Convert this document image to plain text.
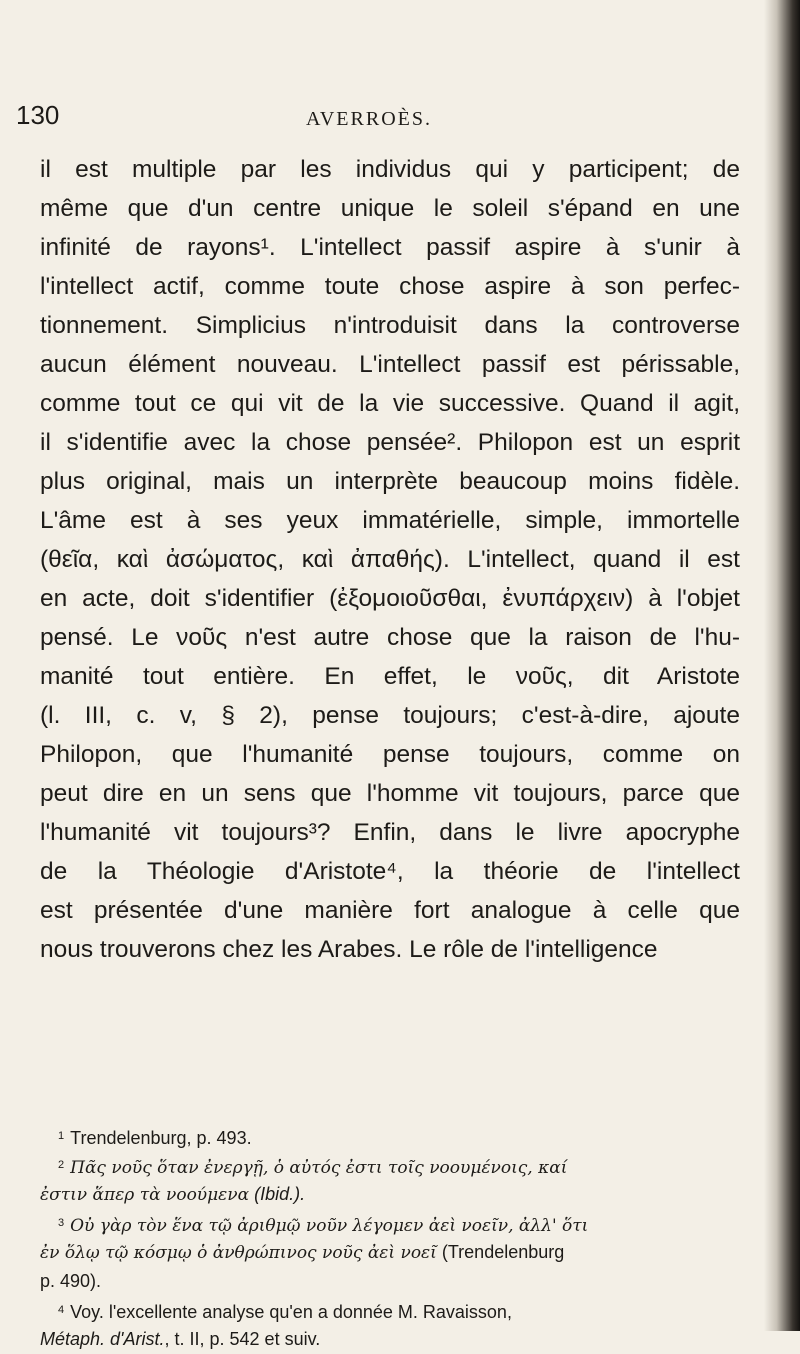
130	AVERROÈS.
il est multiple par les individus qui y participent; de
même que d'un centre unique le soleil s'épand en une
infinité de rayons¹. L'intellect passif aspire à s'unir à
l'intellect actif, comme toute chose aspire à son perfec-
tionnement. Simplicius n'introduisit dans la controverse
aucun élément nouveau. L'intellect passif est périssable,
comme tout ce qui vit de la vie successive. Quand il agit,
il s'identifie avec la chose pensée². Philopon est un esprit
plus original, mais un interprète beaucoup moins fidèle.
L'âme est à ses yeux immatérielle, simple, immortelle
(θεῖα, καὶ ἀσώματος, καὶ ἀπαθής). L'intellect, quand il est
en acte, doit s'identifier (ἐξομοιοῦσθαι, ἐνυπάρχειν) à l'objet
pensé. Le νοῦς n'est autre chose que la raison de l'hu-
manité tout entière. En effet, le νοῦς, dit Aristote
(l. III, c. v, § 2), pense toujours; c'est-à-dire, ajoute
Philopon, que l'humanité pense toujours, comme on
peut dire en un sens que l'homme vit toujours, parce que
l'humanité vit toujours³? Enfin, dans le livre apocryphe
de la Théologie d'Aristote⁴, la théorie de l'intellect
est présentée d'une manière fort analogue à celle que
nous trouverons chez les Arabes. Le rôle de l'intelligence
$^1$ Trendelenburg, p. 493.
$^2$ Πᾶς νοῦς ὅταν ἐνεργῇ, ὁ αὐτός ἐστι τοῖς νοουμένοις, καί
ἐστιν ἅπερ τὰ νοούμενα (Ibid.).
$^3$ Οὐ γὰρ τὸν ἕνα τῷ ἀριθμῷ νοῦν λέγομεν ἀεὶ νοεῖν, ἀλλ' ὅτι
ἐν ὅλῳ τῷ κόσμῳ ὁ ἀνθρώπινος νοῦς ἀεὶ νοεῖ (Trendelenburg
p. 490).
$^4$ Voy. l'excellente analyse qu'en a donnée M. Ravaisson,
Métaph. d'Arist., t. II, p. 542 et suiv.
